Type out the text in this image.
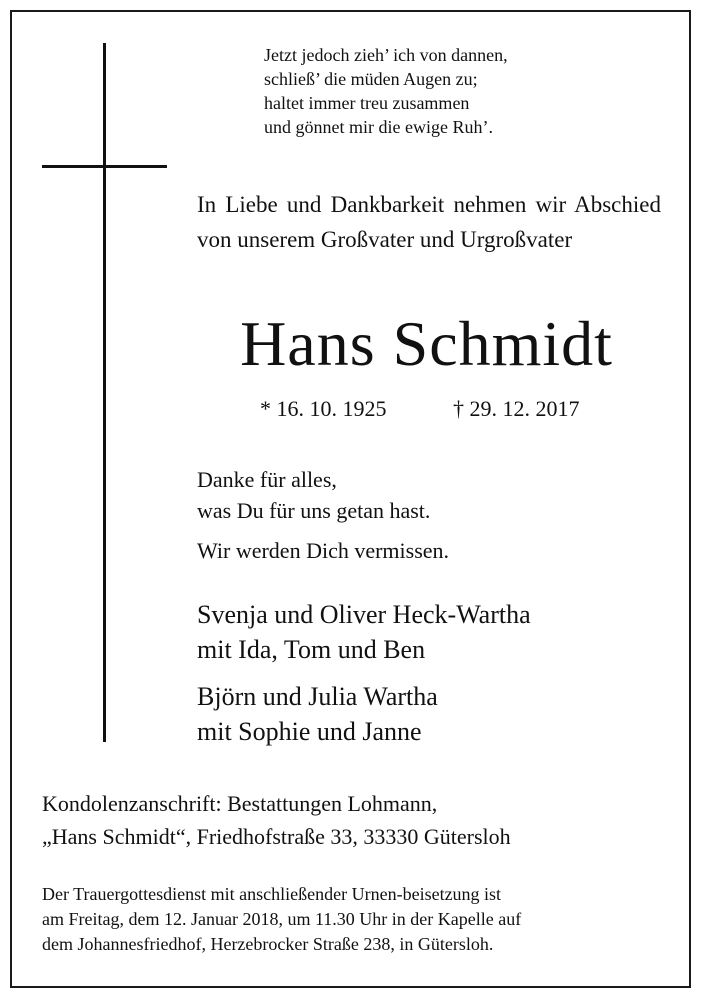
Jetzt jedoch zieh’ ich von dannen,
schließ’ die müden Augen zu;
haltet immer treu zusammen
und gönnet mir die ewige Ruh’.
In Liebe und Dankbarkeit nehmen wir Abschied von unserem Großvater und Urgroßvater
Hans Schmidt
* 16. 10. 1925	† 29. 12. 2017
Danke für alles,
was Du für uns getan hast.
Wir werden Dich vermissen.
Svenja und Oliver Heck-Wartha
mit Ida, Tom und Ben
Björn und Julia Wartha
mit Sophie und Janne
Kondolenzanschrift: Bestattungen Lohmann,
„Hans Schmidt“, Friedhofstraße 33, 33330 Gütersloh
Der Trauergottesdienst mit anschließender Urnen-beisetzung ist
am Freitag, dem 12. Januar 2018, um 11.30 Uhr in der Kapelle auf
dem Johannesfriedhof, Herzebrocker Straße 238, in Gütersloh.
